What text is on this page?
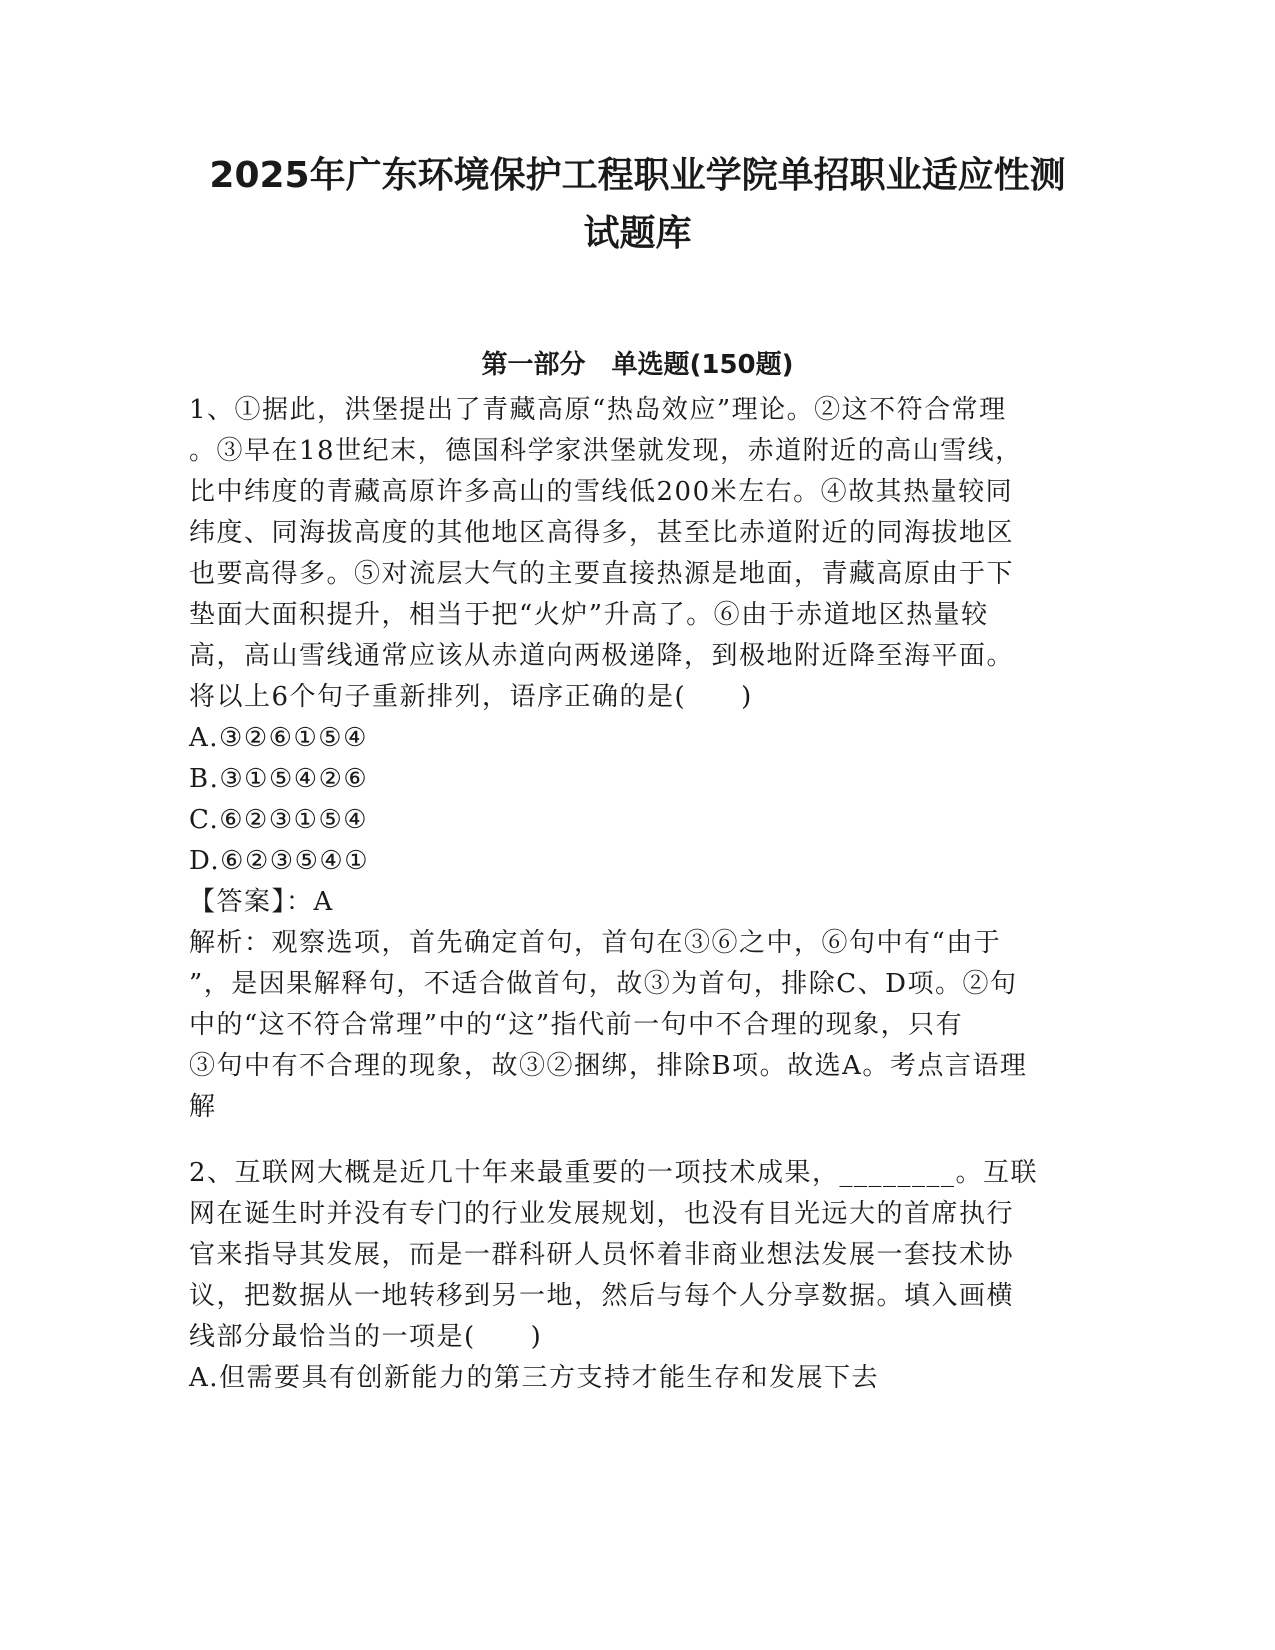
2025年广东环境保护工程职业学院单招职业适应性测
试题库
第一部分　单选题(150题)
1、①据此，洪堡提出了青藏高原“热岛效应”理论。②这不符合常理
。③早在18世纪末，德国科学家洪堡就发现，赤道附近的高山雪线，
比中纬度的青藏高原许多高山的雪线低200米左右。④故其热量较同
纬度、同海拔高度的其他地区高得多，甚至比赤道附近的同海拔地区
也要高得多。⑤对流层大气的主要直接热源是地面，青藏高原由于下
垫面大面积提升，相当于把“火炉”升高了。⑥由于赤道地区热量较
高，高山雪线通常应该从赤道向两极递降，到极地附近降至海平面。
将以上6个句子重新排列，语序正确的是(　　)
A.③②⑥①⑤④
B.③①⑤④②⑥
C.⑥②③①⑤④
D.⑥②③⑤④①
【答案】：A
解析：观察选项，首先确定首句，首句在③⑥之中，⑥句中有“由于
”，是因果解释句，不适合做首句，故③为首句，排除C、D项。②句
中的“这不符合常理”中的“这”指代前一句中不合理的现象，只有
③句中有不合理的现象，故③②捆绑，排除B项。故选A。考点言语理
解
2、互联网大概是近几十年来最重要的一项技术成果，________。互联
网在诞生时并没有专门的行业发展规划，也没有目光远大的首席执行
官来指导其发展，而是一群科研人员怀着非商业想法发展一套技术协
议，把数据从一地转移到另一地，然后与每个人分享数据。填入画横
线部分最恰当的一项是(　　)
A.但需要具有创新能力的第三方支持才能生存和发展下去
